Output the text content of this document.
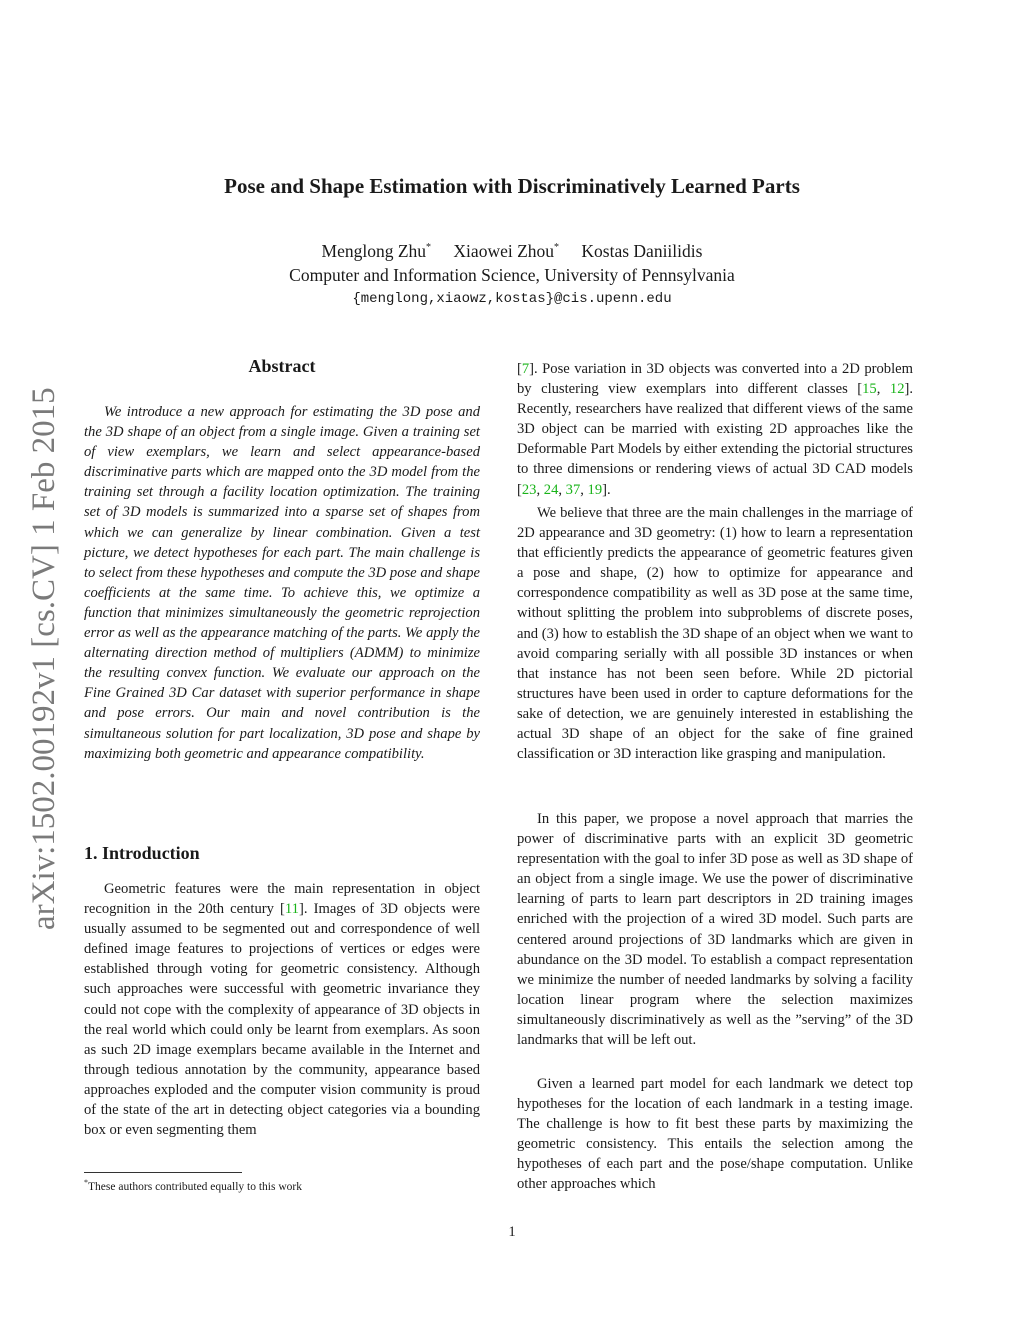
arXiv:1502.00192v1 [cs.CV] 1 Feb 2015
Pose and Shape Estimation with Discriminatively Learned Parts
Menglong Zhu* Xiaowei Zhou* Kostas Daniilidis
Computer and Information Science, University of Pennsylvania
{menglong,xiaowz,kostas}@cis.upenn.edu
Abstract

We introduce a new approach for estimating the 3D pose and the 3D shape of an object from a single image. Given a training set of view exemplars, we learn and select appearance-based discriminative parts which are mapped onto the 3D model from the training set through a facility location optimization. The training set of 3D models is summarized into a sparse set of shapes from which we can generalize by linear combination. Given a test picture, we detect hypotheses for each part. The main challenge is to select from these hypotheses and compute the 3D pose and shape coefficients at the same time. To achieve this, we optimize a function that minimizes simultaneously the geometric reprojection error as well as the appearance matching of the parts. We apply the alternating direction method of multipliers (ADMM) to minimize the resulting convex function. We evaluate our approach on the Fine Grained 3D Car dataset with superior performance in shape and pose errors. Our main and novel contribution is the simultaneous solution for part localization, 3D pose and shape by maximizing both geometric and appearance compatibility.

1. Introduction

Geometric features were the main representation in object recognition in the 20th century [11]. Images of 3D objects were usually assumed to be segmented out and correspondence of well defined image features to projections of vertices or edges were established through voting for geometric consistency. Although such approaches were successful with geometric invariance they could not cope with the complexity of appearance of 3D objects in the real world which could only be learnt from exemplars. As soon as such 2D image exemplars became available in the Internet and through tedious annotation by the community, appearance based approaches exploded and the computer vision community is proud of the state of the art in detecting object categories via a bounding box or even segmenting them

*These authors contributed equally to this work

[7]. Pose variation in 3D objects was converted into a 2D problem by clustering view exemplars into different classes [15, 12]. Recently, researchers have realized that different views of the same 3D object can be married with existing 2D approaches like the Deformable Part Models by either extending the pictorial structures to three dimensions or rendering views of actual 3D CAD models [23, 24, 37, 19].

We believe that three are the main challenges in the marriage of 2D appearance and 3D geometry: (1) how to learn a representation that efficiently predicts the appearance of geometric features given a pose and shape, (2) how to optimize for appearance and correspondence compatibility as well as 3D pose at the same time, without splitting the problem into subproblems of discrete poses, and (3) how to establish the 3D shape of an object when we want to avoid comparing serially with all possible 3D instances or when that instance has not been seen before. While 2D pictorial structures have been used in order to capture deformations for the sake of detection, we are genuinely interested in establishing the actual 3D shape of an object for the sake of fine grained classification or 3D interaction like grasping and manipulation.

In this paper, we propose a novel approach that marries the power of discriminative parts with an explicit 3D geometric representation with the goal to infer 3D pose as well as 3D shape of an object from a single image. We use the power of discriminative learning of parts to learn part descriptors in 2D training images enriched with the projection of a wired 3D model. Such parts are centered around projections of 3D landmarks which are given in abundance on the 3D model. To establish a compact representation we minimize the number of needed landmarks by solving a facility location linear program where the selection maximizes simultaneously discriminatively as well as the ”serving” of the 3D landmarks that will be left out.

Given a learned part model for each landmark we detect top hypotheses for the location of each landmark in a testing image. The challenge is how to fit best these parts by maximizing the geometric consistency. This entails the selection among the hypotheses of each part and the pose/shape computation. Unlike other approaches which

1
